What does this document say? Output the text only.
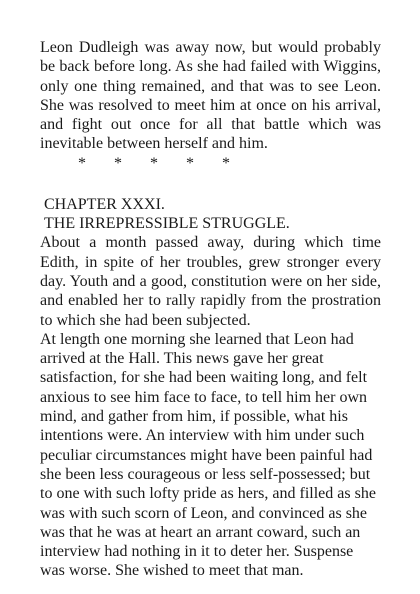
Leon Dudleigh was away now, but would probably be back before long. As she had failed with Wiggins, only one thing remained, and that was to see Leon. She was resolved to meet him at once on his arrival, and fight out once for all that battle which was inevitable between herself and him.

* * * * *

CHAPTER XXXI.

THE IRREPRESSIBLE STRUGGLE.

About a month passed away, during which time Edith, in spite of her troubles, grew stronger every day. Youth and a good, constitution were on her side, and enabled her to rally rapidly from the prostration to which she had been subjected.

At length one morning she learned that Leon had arrived at the Hall. This news gave her great satisfaction, for she had been waiting long, and felt anxious to see him face to face, to tell him her own mind, and gather from him, if possible, what his intentions were. An interview with him under such peculiar circumstances might have been painful had she been less courageous or less self-possessed; but to one with such lofty pride as hers, and filled as she was with such scorn of Leon, and convinced as she was that he was at heart an arrant coward, such an interview had nothing in it to deter her. Suspense was worse. She wished to meet that man.
